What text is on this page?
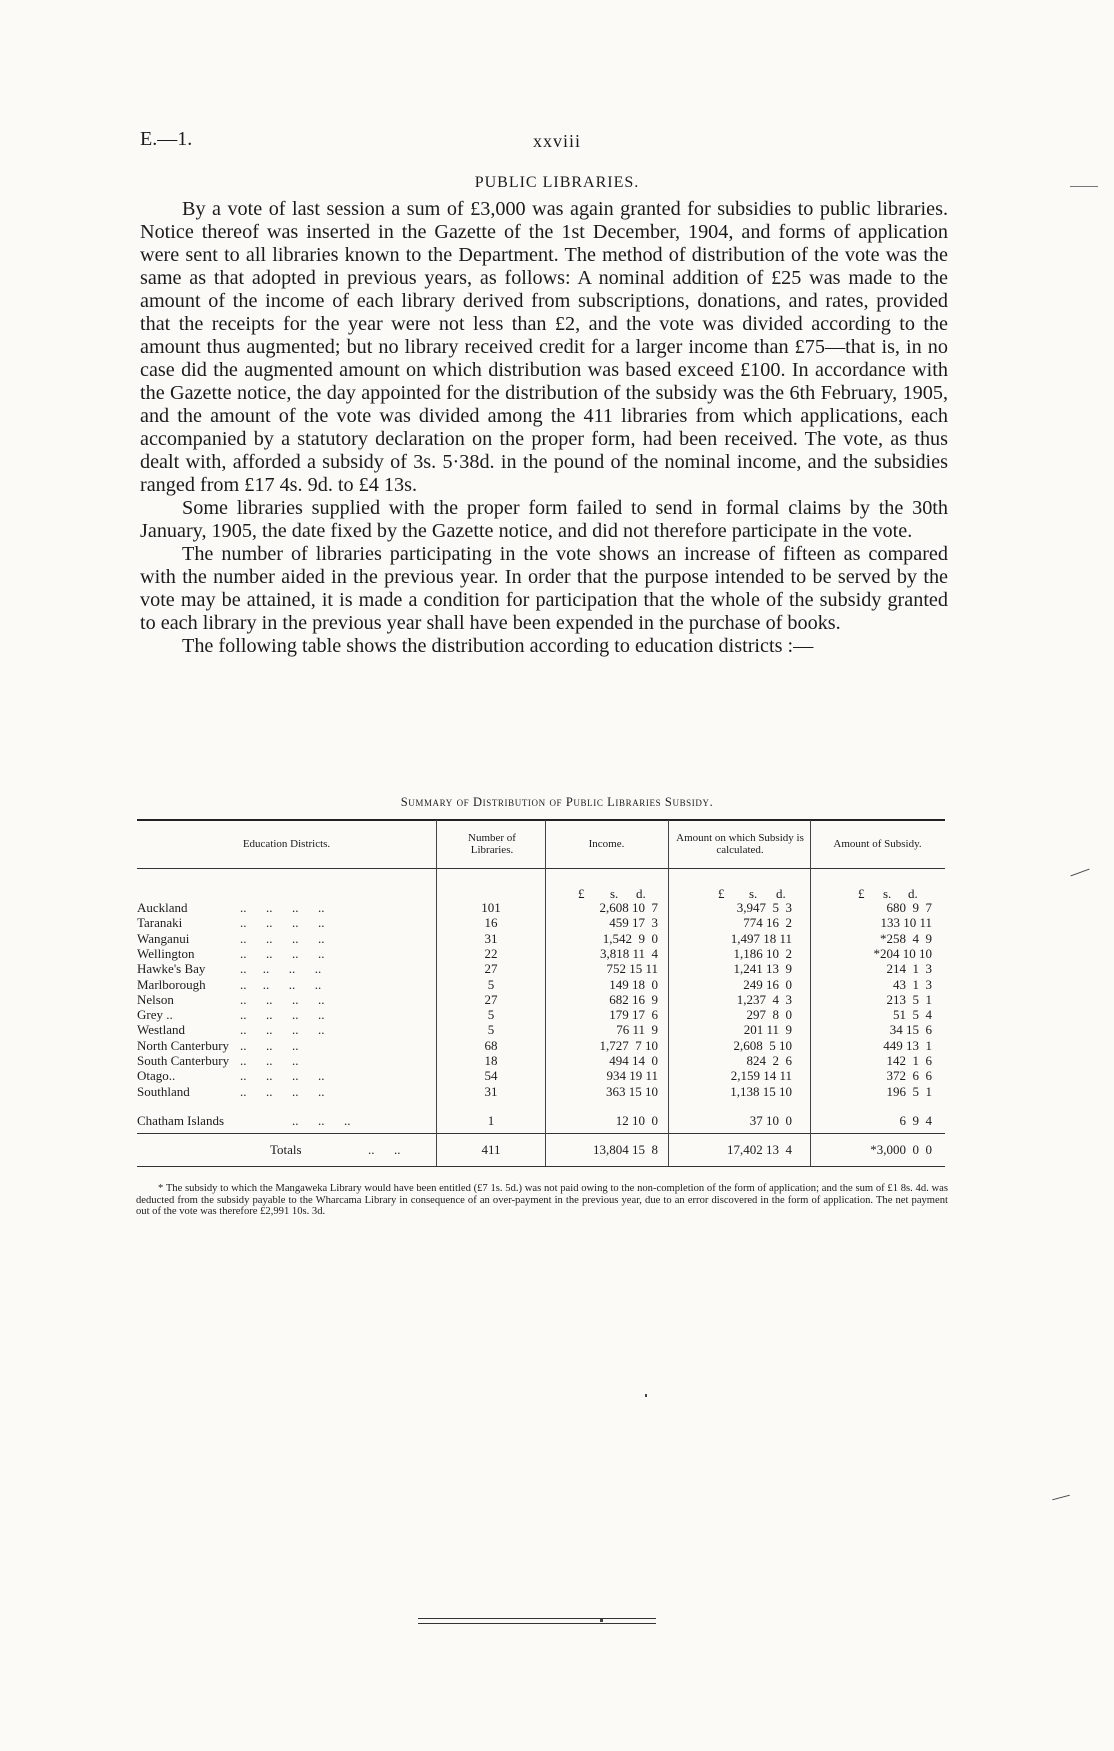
E.—1.	xxviii
PUBLIC LIBRARIES.

By a vote of last session a sum of £3,000 was again granted for subsidies to public libraries. Notice thereof was inserted in the Gazette of the 1st December, 1904, and forms of application were sent to all libraries known to the Department. The method of distribution of the vote was the same as that adopted in previous years, as follows: A nominal addition of £25 was made to the amount of the income of each library derived from subscriptions, donations, and rates, provided that the receipts for the year were not less than £2, and the vote was divided according to the amount thus augmented; but no library received credit for a larger income than £75—that is, in no case did the augmented amount on which distribution was based exceed £100. In accordance with the Gazette notice, the day appointed for the distribution of the subsidy was the 6th February, 1905, and the amount of the vote was divided among the 411 libraries from which applications, each accompanied by a statutory declaration on the proper form, had been received. The vote, as thus dealt with, afforded a subsidy of 3s. 5·38d. in the pound of the nominal income, and the subsidies ranged from £17 4s. 9d. to £4 13s.

Some libraries supplied with the proper form failed to send in formal claims by the 30th January, 1905, the date fixed by the Gazette notice, and did not therefore participate in the vote.

The number of libraries participating in the vote shows an increase of fifteen as compared with the number aided in the previous year. In order that the purpose intended to be served by the vote may be attained, it is made a condition for participation that the whole of the subsidy granted to each library in the previous year shall have been expended in the purchase of books.

The following table shows the distribution according to education districts :—

Summary of Distribution of Public Libraries Subsidy.
Education Districts.	Number of Libraries.	Income.	Amount on which Subsidy is calculated.	Amount of Subsidy.
£ s. d.	£ s. d.	£ s. d.
Auckland	..      ..      ..      ..	101	2,608 10  7	3,947  5  3	680  9  7
Taranaki	..      ..      ..      ..	16	459 17  3	774 16  2	133 10 11
Wanganui	..      ..      ..      ..	31	1,542  9  0	1,497 18 11	*258  4  9
Wellington	..      ..      ..      ..	22	3,818 11  4	1,186 10  2	*204 10 10
Hawke's Bay	..     ..      ..      ..	27	752 15 11	1,241 13  9	214  1  3
Marlborough	..     ..      ..      ..	5	149 18  0	249 16  0	43  1  3
Nelson	..      ..      ..      ..	27	682 16  9	1,237  4  3	213  5  1
Grey ..	..      ..      ..      ..	5	179 17  6	297  8  0	51  5  4
Westland	..      ..      ..      ..	5	76 11  9	201 11  9	34 15  6
North Canterbury ..      ..      ..	68	1,727  7 10	2,608  5 10	449 13  1
South Canterbury ..      ..      ..	18	494 14  0	824  2  6	142  1  6
Otago..	..      ..      ..      ..	54	934 19 11	2,159 14 11	372  6  6
Southland	..      ..      ..      ..	31	363 15 10	1,138 15 10	196  5  1
Chatham Islands	..      ..      ..	1	12 10  0	37 10  0	6  9  4
Totals	..      ..	411	13,804 15  8	17,402 13  4	*3,000  0  0
* The subsidy to which the Mangaweka Library would have been entitled (£7 1s. 5d.) was not paid owing to the non-completion of the form of application; and the sum of £1 8s. 4d. was deducted from the subsidy payable to the Wharcama Library in consequence of an over-payment in the previous year, due to an error discovered in the form of application. The net payment out of the vote was therefore £2,991 10s. 3d.
